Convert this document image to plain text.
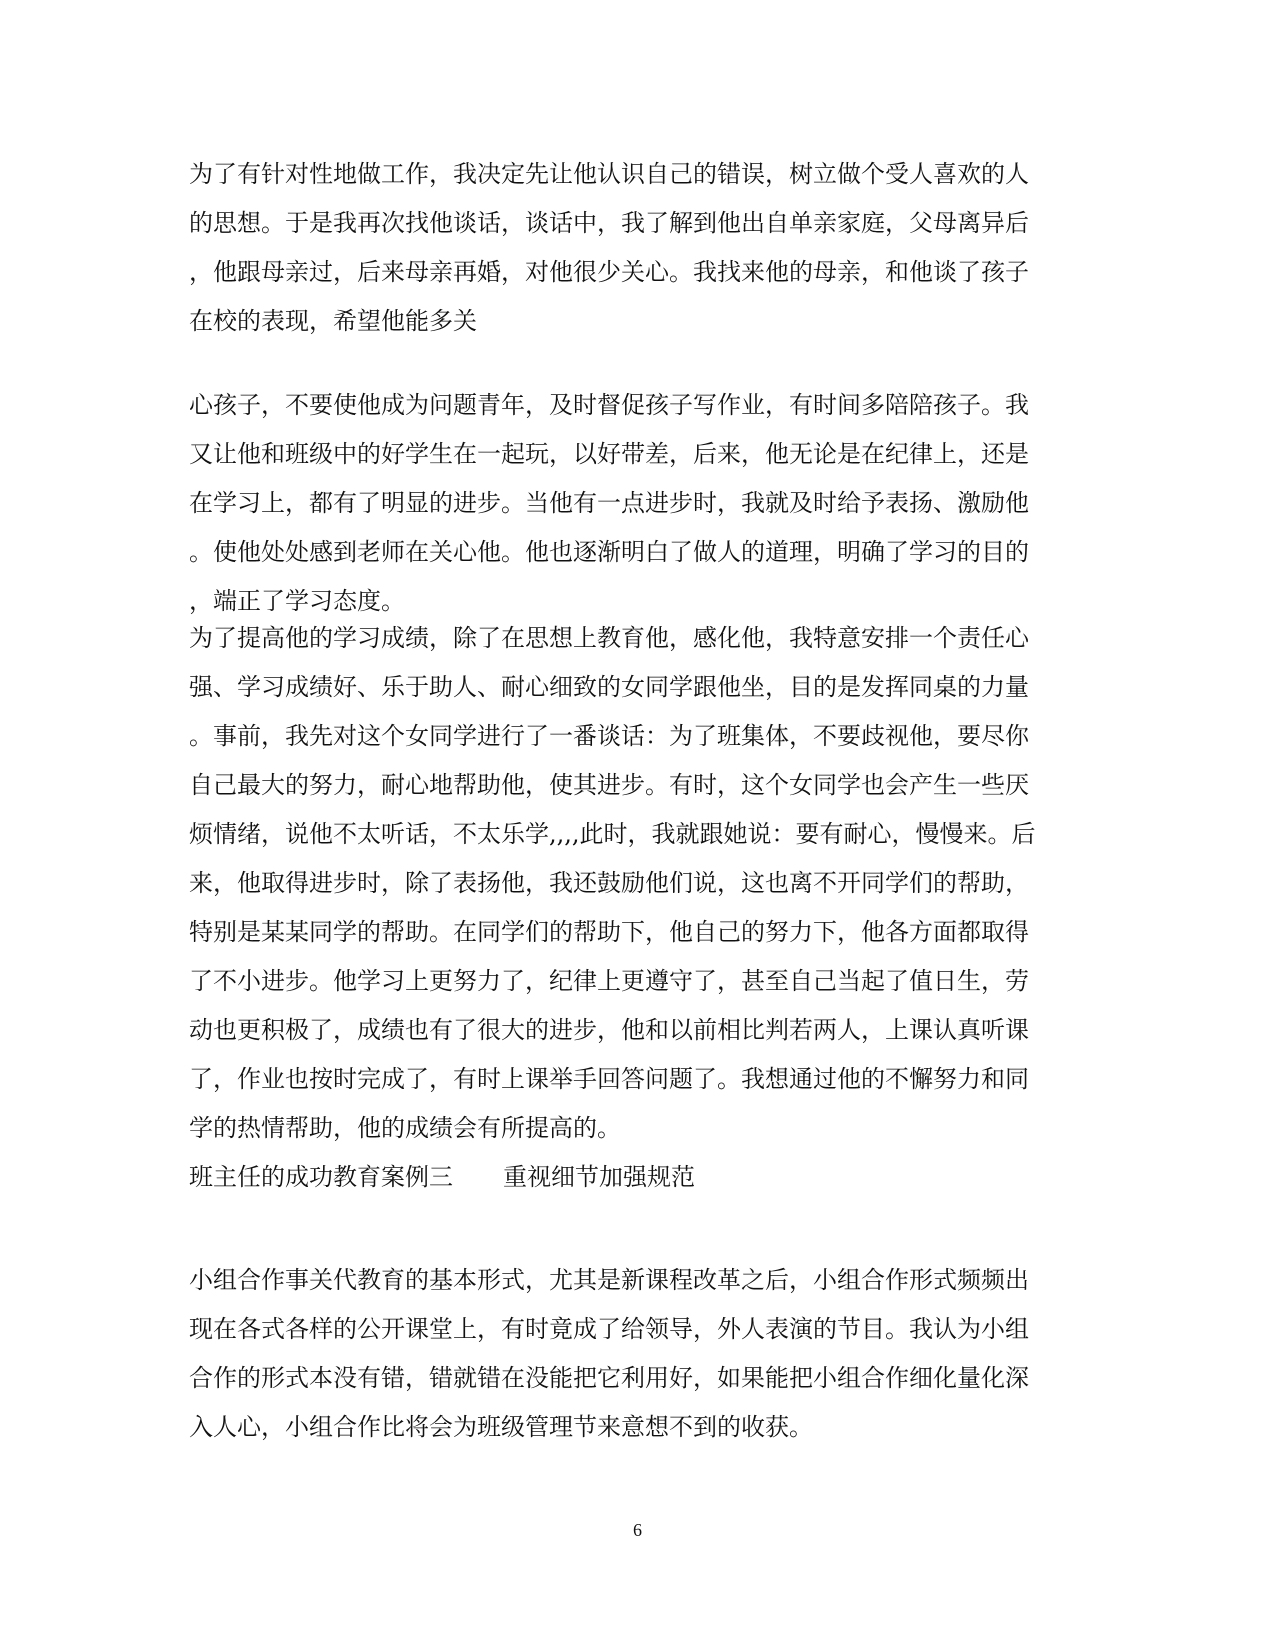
为了有针对性地做工作，我决定先让他认识自己的错误，树立做个受人喜欢的人
的思想。于是我再次找他谈话，谈话中，我了解到他出自单亲家庭，父母离异后
，他跟母亲过，后来母亲再婚，对他很少关心。我找来他的母亲，和他谈了孩子
在校的表现，希望他能多关
心孩子，不要使他成为问题青年，及时督促孩子写作业，有时间多陪陪孩子。我
又让他和班级中的好学生在一起玩，以好带差，后来，他无论是在纪律上，还是
在学习上，都有了明显的进步。当他有一点进步时，我就及时给予表扬、激励他
。使他处处感到老师在关心他。他也逐渐明白了做人的道理，明确了学习的目的
，端正了学习态度。
为了提高他的学习成绩，除了在思想上教育他，感化他，我特意安排一个责任心
强、学习成绩好、乐于助人、耐心细致的女同学跟他坐，目的是发挥同桌的力量
。事前，我先对这个女同学进行了一番谈话：为了班集体，不要歧视他，要尽你
自己最大的努力，耐心地帮助他，使其进步。有时，这个女同学也会产生一些厌
烦情绪，说他不太听话，不太乐学,,,,此时，我就跟她说：要有耐心，慢慢来。后
来，他取得进步时，除了表扬他，我还鼓励他们说，这也离不开同学们的帮助，
特别是某某同学的帮助。在同学们的帮助下，他自己的努力下，他各方面都取得
了不小进步。他学习上更努力了，纪律上更遵守了，甚至自己当起了值日生，劳
动也更积极了，成绩也有了很大的进步，他和以前相比判若两人，上课认真听课
了，作业也按时完成了，有时上课举手回答问题了。我想通过他的不懈努力和同
学的热情帮助，他的成绩会有所提高的。
班主任的成功教育案例三 重视细节加强规范
小组合作事关代教育的基本形式，尤其是新课程改革之后，小组合作形式频频出
现在各式各样的公开课堂上，有时竟成了给领导，外人表演的节目。我认为小组
合作的形式本没有错，错就错在没能把它利用好，如果能把小组合作细化量化深
入人心，小组合作比将会为班级管理节来意想不到的收获。
6
